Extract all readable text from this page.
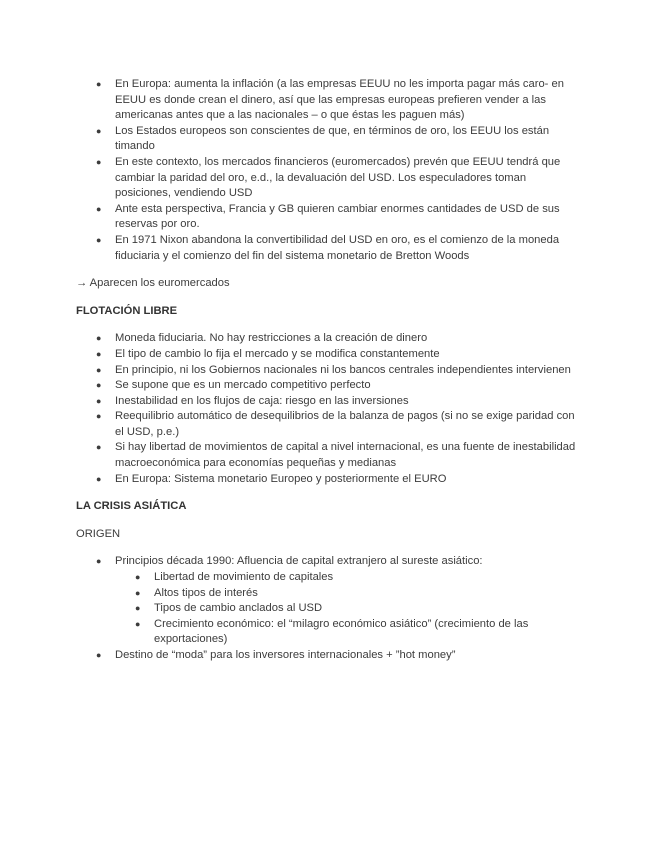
● En Europa: aumenta la inflación (a las empresas EEUU no les importa pagar más caro- en EEUU es donde crean el dinero, así que las empresas europeas prefieren vender a las americanas antes que a las nacionales – o que éstas les paguen más)
● Los Estados europeos son conscientes de que, en términos de oro, los EEUU los están timando
● En este contexto, los mercados financieros (euromercados) prevén que EEUU tendrá que cambiar la paridad del oro, e.d., la devaluación del USD. Los especuladores toman posiciones, vendiendo USD
● Ante esta perspectiva, Francia y GB quieren cambiar enormes cantidades de USD de sus reservas por oro.
● En 1971 Nixon abandona la convertibilidad del USD en oro, es el comienzo de la moneda fiduciaria y el comienzo del fin del sistema monetario de Bretton Woods

→ Aparecen los euromercados

FLOTACIÓN LIBRE

● Moneda fiduciaria. No hay restricciones a la creación de dinero
● El tipo de cambio lo fija el mercado y se modifica constantemente
● En principio, ni los Gobiernos nacionales ni los bancos centrales independientes intervienen
● Se supone que es un mercado competitivo perfecto
● Inestabilidad en los flujos de caja: riesgo en las inversiones
● Reequilibrio automático de desequilibrios de la balanza de pagos (si no se exige paridad con el USD, p.e.)
● Si hay libertad de movimientos de capital a nivel internacional, es una fuente de inestabilidad macroeconómica para economías pequeñas y medianas
● En Europa: Sistema monetario Europeo y posteriormente el EURO

LA CRISIS ASIÁTICA

ORIGEN

● Principios década 1990: Afluencia de capital extranjero al sureste asiático:
● Libertad de movimiento de capitales
● Altos tipos de interés
● Tipos de cambio anclados al USD
● Crecimiento económico: el “milagro económico asiático” (crecimiento de las exportaciones)
● Destino de “moda” para los inversores internacionales + ”hot money”
